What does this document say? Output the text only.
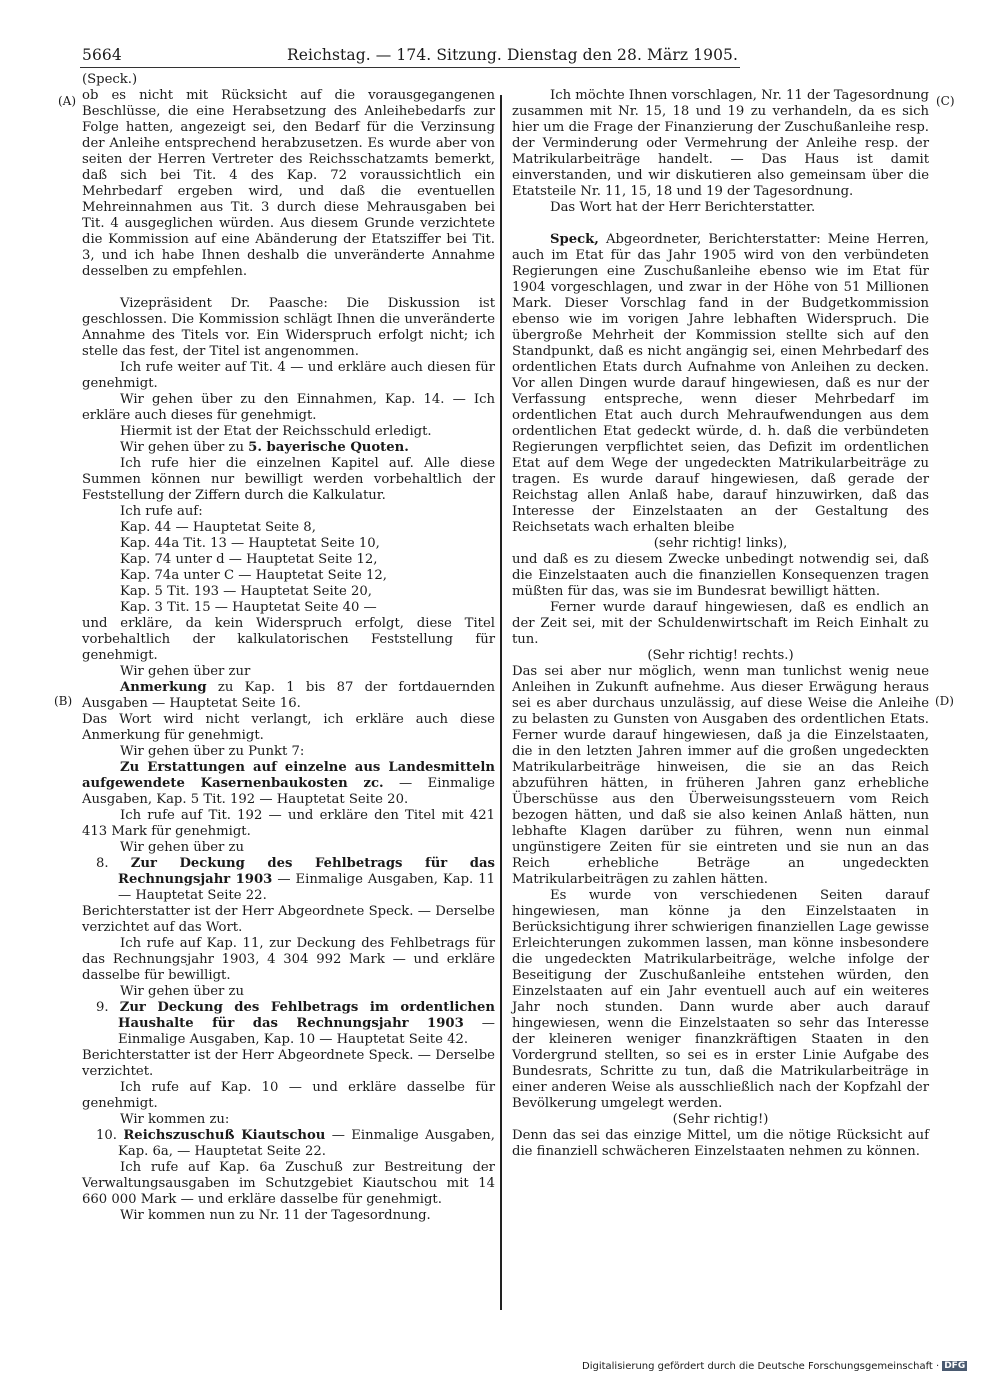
5664	Reichstag. — 174. Sitzung. Dienstag den 28. März 1905.
(A)
(B)
(C)
(D)

(Speck.)

ob es nicht mit Rücksicht auf die vorausgegangenen Beschlüsse, die eine Herabsetzung des Anleihebedarfs zur Folge hatten, angezeigt sei, den Bedarf für die Verzinsung der Anleihe entsprechend herabzusetzen. Es wurde aber von seiten der Herren Vertreter des Reichsschatzamts bemerkt, daß sich bei Tit. 4 des Kap. 72 voraussichtlich ein Mehrbedarf ergeben wird, und daß die eventuellen Mehreinnahmen aus Tit. 3 durch diese Mehrausgaben bei Tit. 4 ausgeglichen würden. Aus diesem Grunde verzichtete die Kommission auf eine Abänderung der Etatsziffer bei Tit. 3, und ich habe Ihnen deshalb die unveränderte Annahme desselben zu empfehlen.

Vizepräsident Dr. Paasche: Die Diskussion ist geschlossen. Die Kommission schlägt Ihnen die unveränderte Annahme des Titels vor. Ein Widerspruch erfolgt nicht; ich stelle das fest, der Titel ist angenommen.

Ich rufe weiter auf Tit. 4 — und erkläre auch diesen für genehmigt.

Wir gehen über zu den Einnahmen, Kap. 14. — Ich erkläre auch dieses für genehmigt.

Hiermit ist der Etat der Reichsschuld erledigt.

Wir gehen über zu 5. bayerische Quoten.

Ich rufe hier die einzelnen Kapitel auf. Alle diese Summen können nur bewilligt werden vorbehaltlich der Feststellung der Ziffern durch die Kalkulatur.

Ich rufe auf:

Kap. 44 — Hauptetat Seite 8,

Kap. 44a Tit. 13 — Hauptetat Seite 10,

Kap. 74 unter d — Hauptetat Seite 12,

Kap. 74a unter C — Hauptetat Seite 12,

Kap. 5 Tit. 193 — Hauptetat Seite 20,

Kap. 3 Tit. 15 — Hauptetat Seite 40 —

und erkläre, da kein Widerspruch erfolgt, diese Titel vorbehaltlich der kalkulatorischen Feststellung für genehmigt.

Wir gehen über zur

Anmerkung zu Kap. 1 bis 87 der fortdauernden Ausgaben — Hauptetat Seite 16.

Das Wort wird nicht verlangt, ich erkläre auch diese Anmerkung für genehmigt.

Wir gehen über zu Punkt 7:

Zu Erstattungen auf einzelne aus Landesmitteln aufgewendete Kasernenbaukosten zc. — Einmalige Ausgaben, Kap. 5 Tit. 192 — Hauptetat Seite 20.

Ich rufe auf Tit. 192 — und erkläre den Titel mit 421 413 Mark für genehmigt.

Wir gehen über zu

8. Zur Deckung des Fehlbetrags für das Rechnungsjahr 1903 — Einmalige Ausgaben, Kap. 11 — Hauptetat Seite 22.

Berichterstatter ist der Herr Abgeordnete Speck. — Derselbe verzichtet auf das Wort.

Ich rufe auf Kap. 11, zur Deckung des Fehlbetrags für das Rechnungsjahr 1903, 4 304 992 Mark — und erkläre dasselbe für bewilligt.

Wir gehen über zu

9. Zur Deckung des Fehlbetrags im ordentlichen Haushalte für das Rechnungsjahr 1903 — Einmalige Ausgaben, Kap. 10 — Hauptetat Seite 42.

Berichterstatter ist der Herr Abgeordnete Speck. — Derselbe verzichtet.

Ich rufe auf Kap. 10 — und erkläre dasselbe für genehmigt.

Wir kommen zu:

10. Reichszuschuß Kiautschou — Einmalige Ausgaben, Kap. 6a, — Hauptetat Seite 22.

Ich rufe auf Kap. 6a Zuschuß zur Bestreitung der Verwaltungsausgaben im Schutzgebiet Kiautschou mit 14 660 000 Mark — und erkläre dasselbe für genehmigt.

Wir kommen nun zu Nr. 11 der Tagesordnung.

Ich möchte Ihnen vorschlagen, Nr. 11 der Tagesordnung zusammen mit Nr. 15, 18 und 19 zu verhandeln, da es sich hier um die Frage der Finanzierung der Zuschußanleihe resp. der Verminderung oder Vermehrung der Anleihe resp. der Matrikularbeiträge handelt. — Das Haus ist damit einverstanden, und wir diskutieren also gemeinsam über die Etatsteile Nr. 11, 15, 18 und 19 der Tagesordnung.

Das Wort hat der Herr Berichterstatter.

Speck, Abgeordneter, Berichterstatter: Meine Herren, auch im Etat für das Jahr 1905 wird von den verbündeten Regierungen eine Zuschußanleihe ebenso wie im Etat für 1904 vorgeschlagen, und zwar in der Höhe von 51 Millionen Mark. Dieser Vorschlag fand in der Budgetkommission ebenso wie im vorigen Jahre lebhaften Widerspruch. Die übergroße Mehrheit der Kommission stellte sich auf den Standpunkt, daß es nicht angängig sei, einen Mehrbedarf des ordentlichen Etats durch Aufnahme von Anleihen zu decken. Vor allen Dingen wurde darauf hingewiesen, daß es nur der Verfassung entspreche, wenn dieser Mehrbedarf im ordentlichen Etat auch durch Mehraufwendungen aus dem ordentlichen Etat gedeckt würde, d. h. daß die verbündeten Regierungen verpflichtet seien, das Defizit im ordentlichen Etat auf dem Wege der ungedeckten Matrikularbeiträge zu tragen. Es wurde darauf hingewiesen, daß gerade der Reichstag allen Anlaß habe, darauf hinzuwirken, daß das Interesse der Einzelstaaten an der Gestaltung des Reichsetats wach erhalten bleibe

(sehr richtig! links),

und daß es zu diesem Zwecke unbedingt notwendig sei, daß die Einzelstaaten auch die finanziellen Konsequenzen tragen müßten für das, was sie im Bundesrat bewilligt hätten.

Ferner wurde darauf hingewiesen, daß es endlich an der Zeit sei, mit der Schuldenwirtschaft im Reich Einhalt zu tun.

(Sehr richtig! rechts.)

Das sei aber nur möglich, wenn man tunlichst wenig neue Anleihen in Zukunft aufnehme. Aus dieser Erwägung heraus sei es aber durchaus unzulässig, auf diese Weise die Anleihe zu belasten zu Gunsten von Ausgaben des ordentlichen Etats. Ferner wurde darauf hingewiesen, daß ja die Einzelstaaten, die in den letzten Jahren immer auf die großen ungedeckten Matrikularbeiträge hinweisen, die sie an das Reich abzuführen hätten, in früheren Jahren ganz erhebliche Überschüsse aus den Überweisungssteuern vom Reich bezogen hätten, und daß sie also keinen Anlaß hätten, nun lebhafte Klagen darüber zu führen, wenn nun einmal ungünstigere Zeiten für sie eintreten und sie nun an das Reich erhebliche Beträge an ungedeckten Matrikularbeiträgen zu zahlen hätten.

Es wurde von verschiedenen Seiten darauf hingewiesen, man könne ja den Einzelstaaten in Berücksichtigung ihrer schwierigen finanziellen Lage gewisse Erleichterungen zukommen lassen, man könne insbesondere die ungedeckten Matrikularbeiträge, welche infolge der Beseitigung der Zuschußanleihe entstehen würden, den Einzelstaaten auf ein Jahr eventuell auch auf ein weiteres Jahr noch stunden. Dann wurde aber auch darauf hingewiesen, wenn die Einzelstaaten so sehr das Interesse der kleineren weniger finanzkräftigen Staaten in den Vordergrund stellten, so sei es in erster Linie Aufgabe des Bundesrats, Schritte zu tun, daß die Matrikularbeiträge in einer anderen Weise als ausschließlich nach der Kopfzahl der Bevölkerung umgelegt werden.

(Sehr richtig!)

Denn das sei das einzige Mittel, um die nötige Rücksicht auf die finanziell schwächeren Einzelstaaten nehmen zu können.

Digitalisierung gefördert durch die Deutsche Forschungsgemeinschaft · DFG
